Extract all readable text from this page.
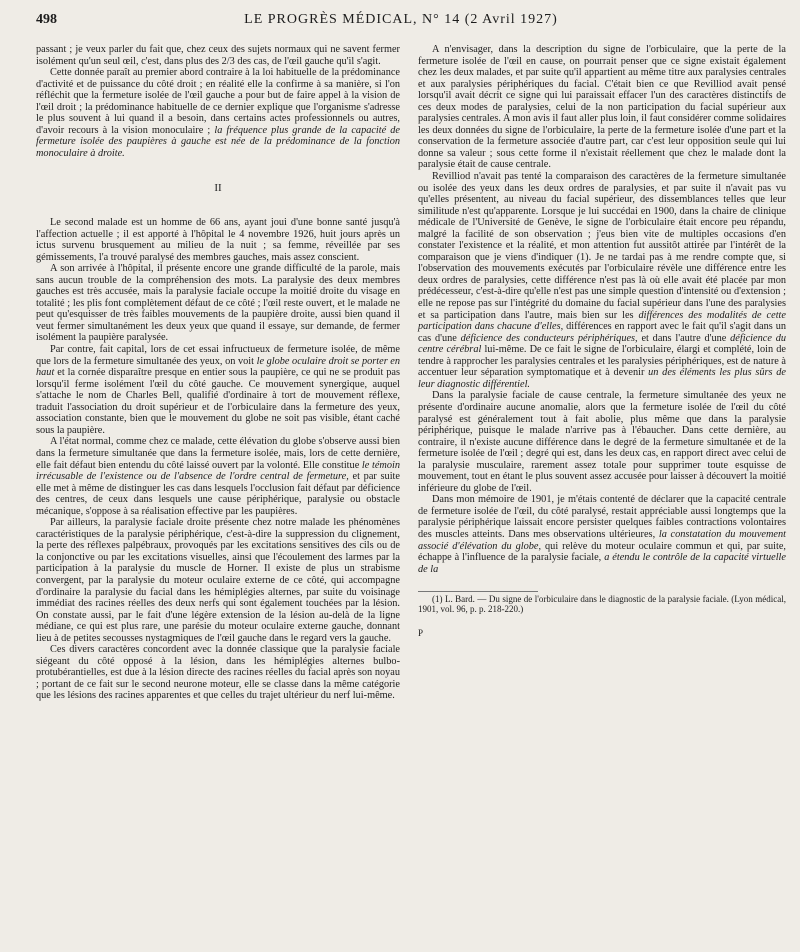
498	LE PROGRÈS MÉDICAL, N° 14 (2 Avril 1927)

passant ; je veux parler du fait que, chez ceux des sujets normaux qui ne savent fermer isolément qu'un seul œil, c'est, dans plus des 2/3 des cas, de l'œil gauche qu'il s'agit.

Cette donnée paraît au premier abord contraire à la loi habituelle de la prédominance d'activité et de puissance du côté droit ; en réalité elle la confirme à sa manière, si l'on réfléchit que la fermeture isolée de l'œil gauche a pour but de faire appel à la vision de l'œil droit ; la prédominance habituelle de ce dernier explique que l'organisme s'adresse le plus souvent à lui quand il a besoin, dans certains actes professionnels ou autres, d'avoir recours à la vision monoculaire ; la fréquence plus grande de la capacité de fermeture isolée des paupières à gauche est née de la prédominance de la fonction monoculaire à droite.

II

Le second malade est un homme de 66 ans, ayant joui d'une bonne santé jusqu'à l'affection actuelle ; il est apporté à l'hôpital le 4 novembre 1926, huit jours après un ictus survenu brusquement au milieu de la nuit ; sa femme, réveillée par ses gémissements, l'a trouvé paralysé des membres gauches, mais assez conscient.

A son arrivée à l'hôpital, il présente encore une grande difficulté de la parole, mais sans aucun trouble de la compréhension des mots. La paralysie des deux membres gauches est très accusée, mais la paralysie faciale occupe la moitié droite du visage en totalité ; les plis font complètement défaut de ce côté ; l'œil reste ouvert, et le malade ne peut qu'esquisser de très faibles mouvements de la paupière droite, aussi bien quand il veut fermer simultanément les deux yeux que quand il essaye, sur demande, de fermer isolément la paupière paralysée.

Par contre, fait capital, lors de cet essai infructueux de fermeture isolée, de même que lors de la fermeture simultanée des yeux, on voit le globe oculaire droit se porter en haut et la cornée disparaître presque en entier sous la paupière, ce qui ne se produit pas lorsqu'il ferme isolément l'œil du côté gauche. Ce mouvement synergique, auquel s'attache le nom de Charles Bell, qualifié d'ordinaire à tort de mouvement réflexe, traduit l'association du droit supérieur et de l'orbiculaire dans la fermeture des yeux, association constante, bien que le mouvement du globe ne soit pas visible, étant caché sous la paupière.

A l'état normal, comme chez ce malade, cette élévation du globe s'observe aussi bien dans la fermeture simultanée que dans la fermeture isolée, mais, lors de cette dernière, elle fait défaut bien entendu du côté laissé ouvert par la volonté. Elle constitue le témoin irrécusable de l'existence ou de l'absence de l'ordre central de fermeture, et par suite elle met à même de distinguer les cas dans lesquels l'occlusion fait défaut par déficience des centres, de ceux dans lesquels une cause périphérique, paralysie ou obstacle mécanique, s'oppose à sa réalisation effective par les paupières.

Par ailleurs, la paralysie faciale droite présente chez notre malade les phénomènes caractéristiques de la paralysie périphérique, c'est-à-dire la suppression du clignement, la perte des réflexes palpébraux, provoqués par les excitations sensitives des cils ou de la conjonctive ou par les excitations visuelles, ainsi que l'écoulement des larmes par la participation à la paralysie du muscle de Horner. Il existe de plus un strabisme convergent, par la paralysie du moteur oculaire externe de ce côté, qui accompagne d'ordinaire la paralysie du facial dans les hémiplégies alternes, par suite du voisinage immédiat des racines réelles des deux nerfs qui sont également touchées par la lésion. On constate aussi, par le fait d'une légère extension de la lésion au-delà de la ligne médiane, ce qui est plus rare, une parésie du moteur oculaire externe gauche, donnant lieu à de petites secousses nystagmiques de l'œil gauche dans le regard vers la gauche.

Ces divers caractères concordent avec la donnée classique que la paralysie faciale siégeant du côté opposé à la lésion, dans les hémiplégies alternes bulbo-protubérantielles, est due à la lésion directe des racines réelles du facial après son noyau ; portant de ce fait sur le second neurone moteur, elle se classe dans la même catégorie que les lésions des racines apparentes et que celles du trajet ultérieur du nerf lui-même.

A n'envisager, dans la description du signe de l'orbiculaire, que la perte de la fermeture isolée de l'œil en cause, on pourrait penser que ce signe existait également chez les deux malades, et par suite qu'il appartient au même titre aux paralysies centrales et aux paralysies périphériques du facial. C'était bien ce que Revilliod avait pensé lorsqu'il avait décrit ce signe qui lui paraissait effacer l'un des caractères distinctifs de ces deux modes de paralysies, celui de la non participation du facial supérieur aux paralysies centrales. A mon avis il faut aller plus loin, il faut considérer comme solidaires les deux données du signe de l'orbiculaire, la perte de la fermeture isolée d'une part et la conservation de la fermeture associée d'autre part, car c'est leur opposition seule qui lui donne sa valeur ; sous cette forme il n'existait réellement que chez le malade dont la paralysie était de cause centrale.

Revilliod n'avait pas tenté la comparaison des caractères de la fermeture simultanée ou isolée des yeux dans les deux ordres de paralysies, et par suite il n'avait pas vu qu'elles présentent, au niveau du facial supérieur, des dissemblances telles que leur similitude n'est qu'apparente. Lorsque je lui succédai en 1900, dans la chaire de clinique médicale de l'Université de Genève, le signe de l'orbiculaire était encore peu répandu, malgré la facilité de son observation ; j'eus bien vite de multiples occasions d'en constater l'existence et la réalité, et mon attention fut aussitôt attirée par l'intérêt de la comparaison que je viens d'indiquer (1). Je ne tardai pas à me rendre compte que, si l'observation des mouvements exécutés par l'orbiculaire révèle une différence entre les deux ordres de paralysies, cette différence n'est pas là où elle avait été placée par mon prédécesseur, c'est-à-dire qu'elle n'est pas une simple question d'intensité ou d'extension ; elle ne repose pas sur l'intégrité du domaine du facial supérieur dans l'une des paralysies et sa participation dans l'autre, mais bien sur les différences des modalités de cette participation dans chacune d'elles, différences en rapport avec le fait qu'il s'agit dans un cas d'une déficience des conducteurs périphériques, et dans l'autre d'une déficience du centre cérébral lui-même. De ce fait le signe de l'orbiculaire, élargi et complété, loin de tendre à rapprocher les paralysies centrales et les paralysies périphériques, est de nature à accentuer leur séparation symptomatique et à devenir un des éléments les plus sûrs de leur diagnostic différentiel.

Dans la paralysie faciale de cause centrale, la fermeture simultanée des yeux ne présente d'ordinaire aucune anomalie, alors que la fermeture isolée de l'œil du côté paralysé est généralement tout à fait abolie, plus même que dans la paralysie périphérique, puisque le malade n'arrive pas à l'ébaucher. Dans cette dernière, au contraire, il n'existe aucune différence dans le degré de la fermeture simultanée et de la fermeture isolée de l'œil ; degré qui est, dans les deux cas, en rapport direct avec celui de la paralysie musculaire, rarement assez totale pour supprimer toute esquisse de mouvement, tout en étant le plus souvent assez accusée pour laisser à découvert la moitié inférieure du globe de l'œil.

Dans mon mémoire de 1901, je m'étais contenté de déclarer que la capacité centrale de fermeture isolée de l'œil, du côté paralysé, restait appréciable aussi longtemps que la paralysie périphérique laissait encore persister quelques faibles contractions volontaires des muscles atteints. Dans mes observations ultérieures, la constatation du mouvement associé d'élévation du globe, qui relève du moteur oculaire commun et qui, par suite, échappe à l'influence de la paralysie faciale, a étendu le contrôle de la capacité virtuelle de la

(1) L. Bard. — Du signe de l'orbiculaire dans le diagnostic de la paralysie faciale. (Lyon médical, 1901, vol. 96, p. p. 218-220.)

P
